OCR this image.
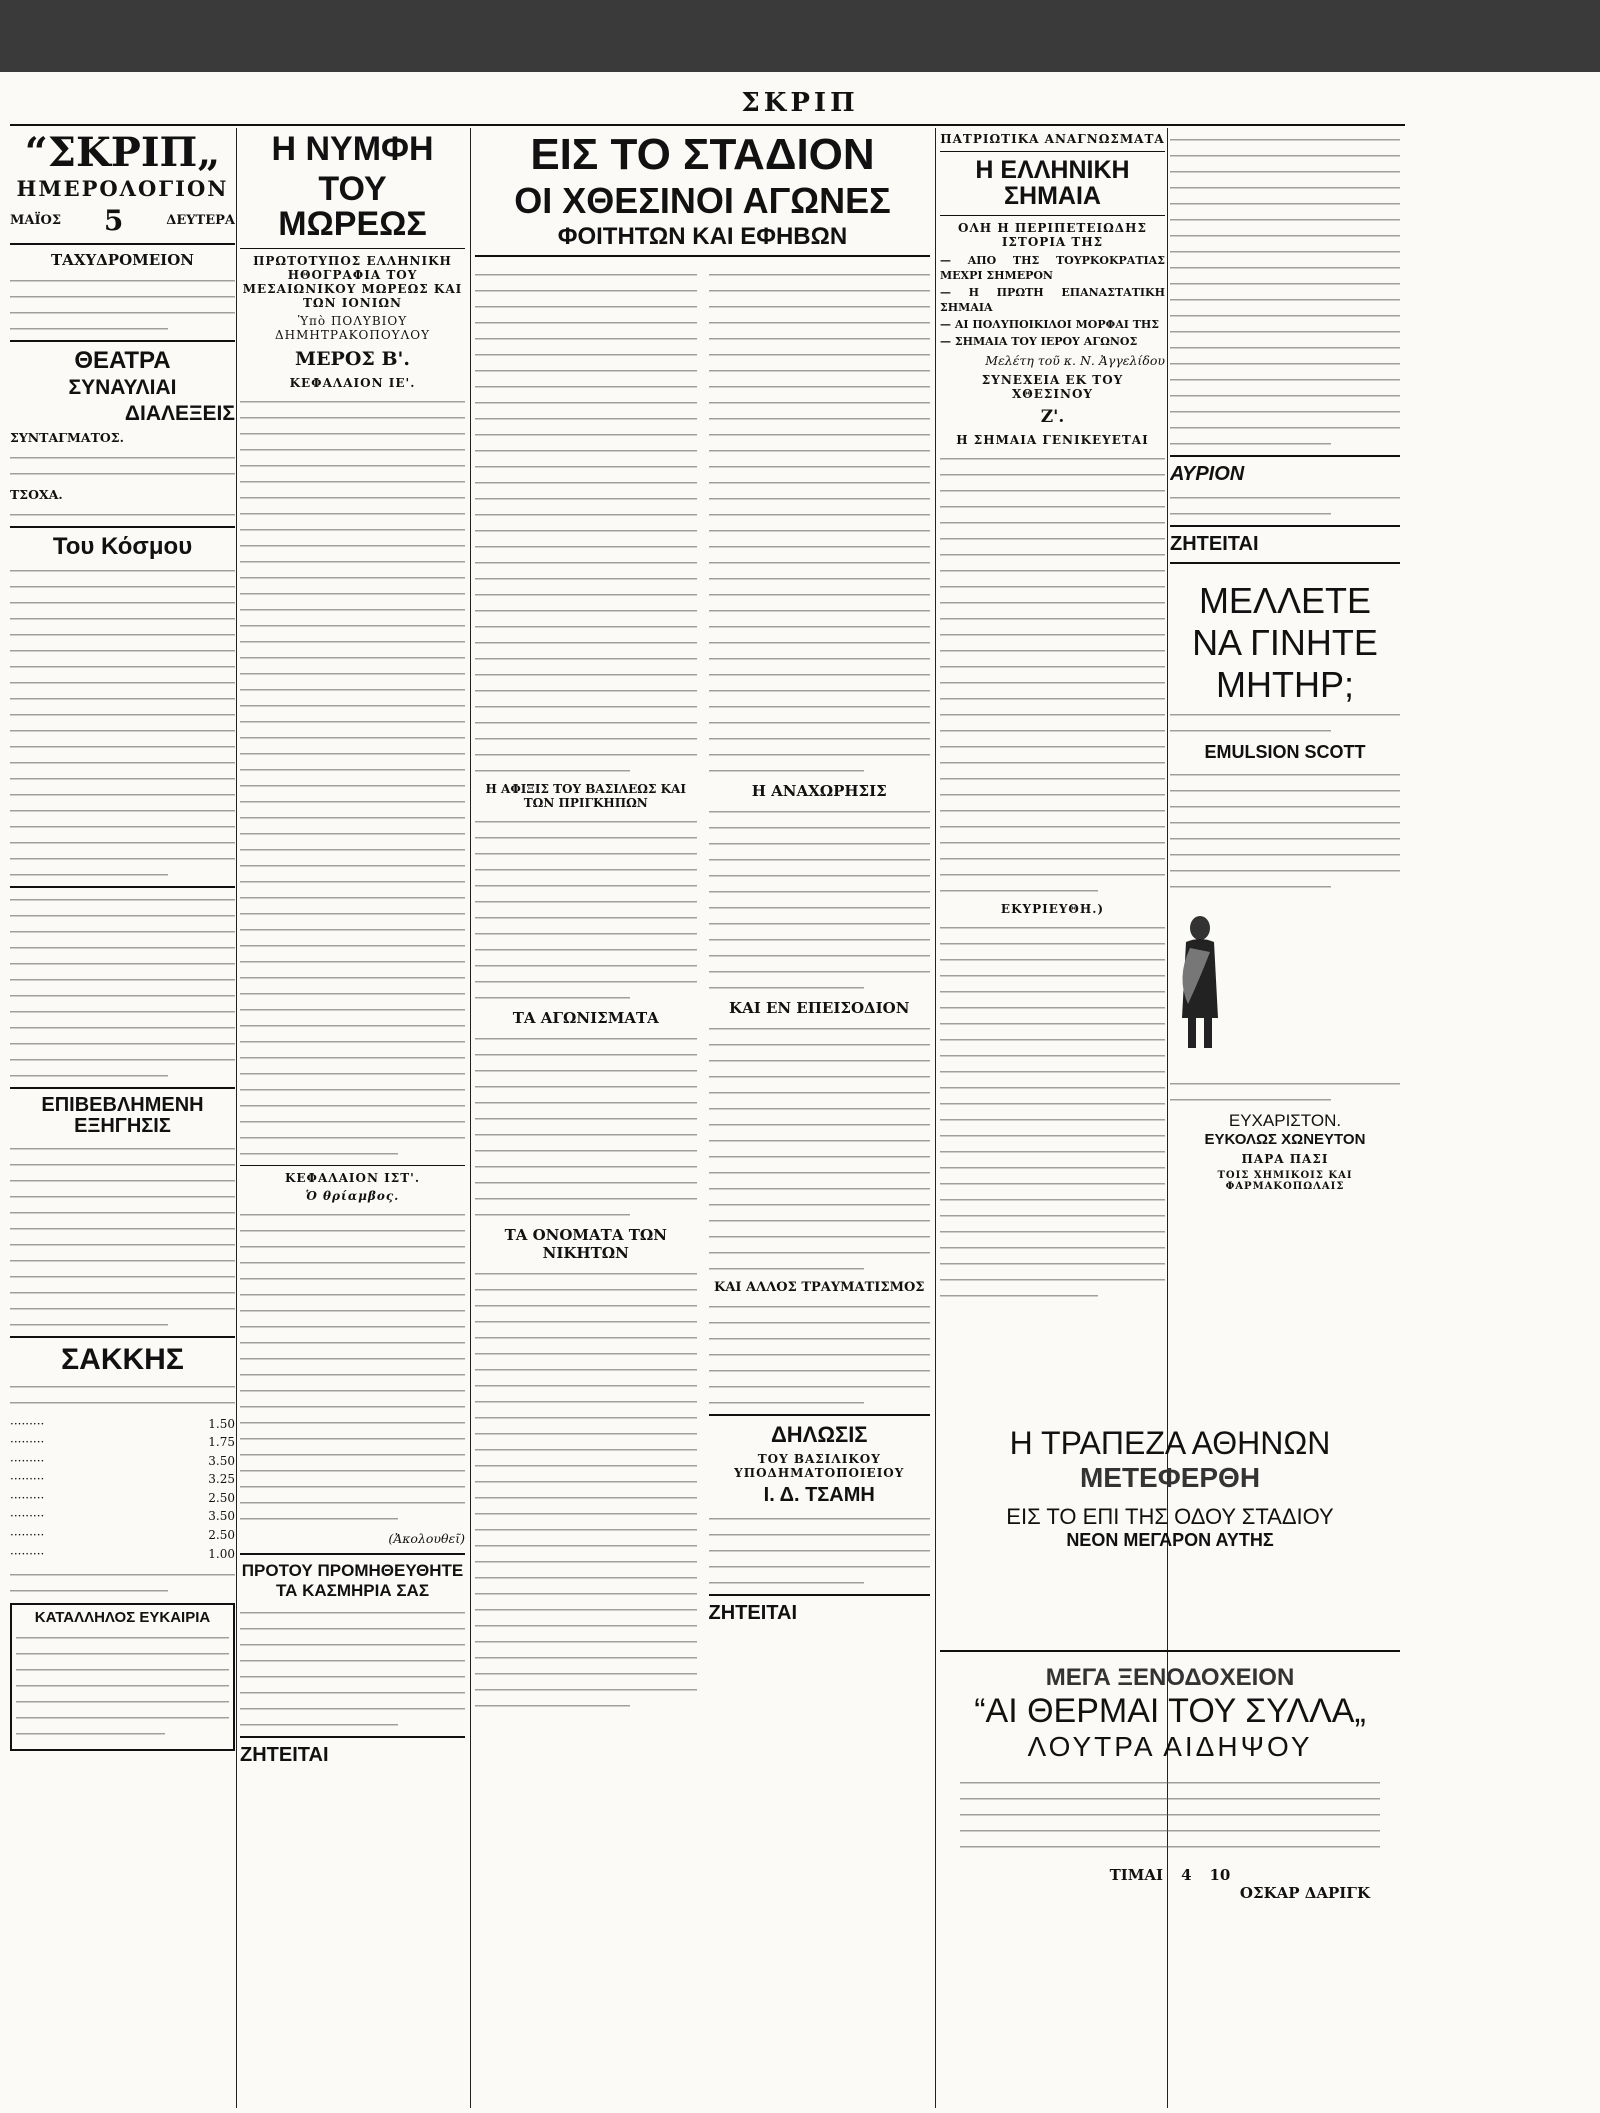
ΣΚΡΙΠ
“ΣΚΡΙΠ„
ΗΜΕΡΟΛΟΓΙΟΝ
ΜΑΪΟΣ 5	ΔΕΥΤΕΡΑ
ΤΑΧΥΔΡΟΜΕΙΟΝ
ΘΕΑΤΡΑ
ΣΥΝΑΥΛΙΑΙ
ΔΙΑΛΕΞΕΙΣ
ΣΥΝΤΑΓΜΑΤΟΣ.
ΤΣΟΧΑ.
Του Κόσμου
ΕΠΙΒΕΒΛΗΜΕΝΗ ΕΞΗΓΗΣΙΣ
ΣΑΚΚΗΣ
·········	1.50
·········	1.75
·········	3.50
·········	3.25
·········	2.50
·········	3.50
·········	2.50
·········	1.00
ΚΑΤΑΛΛΗΛΟΣ ΕΥΚΑΙΡΙΑ
Η ΝΥΜΦΗ
ΤΟΥ ΜΩΡΕΩΣ
ΠΡΩΤΟΤΥΠΟΣ ΕΛΛΗΝΙΚΗ ΗΘΟΓΡΑΦΙΑ ΤΟΥ ΜΕΣΑΙΩΝΙΚΟΥ ΜΩΡΕΩΣ ΚΑΙ ΤΩΝ ΙΟΝΙΩΝ
Ὑπὸ ΠΟΛΥΒΙΟΥ ΔΗΜΗΤΡΑΚΟΠΟΥΛΟΥ
ΜΕΡΟΣ Β'.
ΚΕΦΑΛΑΙΟΝ ΙΕ'.
ΚΕΦΑΛΑΙΟΝ ΙΣΤ'.
Ὁ θρίαμβος.
(Ἀκολουθεῖ)
ΠΡΟΤΟΥ ΠΡΟΜΗΘΕΥΘΗΤΕ ΤΑ ΚΑΣΜΗΡΙΑ ΣΑΣ
ΖΗΤΕΙΤΑΙ
ΕΙΣ ΤΟ ΣΤΑΔΙΟΝ
ΟΙ ΧΘΕΣΙΝΟΙ ΑΓΩΝΕΣ
ΦΟΙΤΗΤΩΝ ΚΑΙ ΕΦΗΒΩΝ
Η ΑΦΙΞΙΣ ΤΟΥ ΒΑΣΙΛΕΩΣ ΚΑΙ ΤΩΝ ΠΡΙΓΚΗΠΩΝ
ΤΑ ΑΓΩΝΙΣΜΑΤΑ
ΤΑ ΟΝΟΜΑΤΑ ΤΩΝ ΝΙΚΗΤΩΝ
Η ΑΝΑΧΩΡΗΣΙΣ
ΚΑΙ ΕΝ ΕΠΕΙΣΟΔΙΟΝ
ΚΑΙ ΑΛΛΟΣ ΤΡΑΥΜΑΤΙΣΜΟΣ
ΔΗΛΩΣΙΣ
ΤΟΥ ΒΑΣΙΛΙΚΟΥ ΥΠΟΔΗΜΑΤΟΠΟΙΕΙΟΥ
Ι. Δ. ΤΣΑΜΗ
ΖΗΤΕΙΤΑΙ
ΠΑΤΡΙΩΤΙΚΑ ΑΝΑΓΝΩΣΜΑΤΑ
Η ΕΛΛΗΝΙΚΗ ΣΗΜΑΙΑ
ΟΛΗ Η ΠΕΡΙΠΕΤΕΙΩΔΗΣ ΙΣΤΟΡΙΑ ΤΗΣ
— ΑΠΟ ΤΗΣ ΤΟΥΡΚΟΚΡΑΤΙΑΣ ΜΕΧΡΙ ΣΗΜΕΡΟΝ
— Η ΠΡΩΤΗ ΕΠΑΝΑΣΤΑΤΙΚΗ ΣΗΜΑΙΑ
— ΑΙ ΠΟΛΥΠΟΙΚΙΛΟΙ ΜΟΡΦΑΙ ΤΗΣ
— ΣΗΜΑΙΑ ΤΟΥ ΙΕΡΟΥ ΑΓΩΝΟΣ
Μελέτη τοῦ κ. Ν. Ἀγγελίδου
ΣΥΝΕΧΕΙΑ ΕΚ ΤΟΥ ΧΘΕΣΙΝΟΥ
Ζ'.
Η ΣΗΜΑΙΑ ΓΕΝΙΚΕΥΕΤΑΙ
ΕΚΥΡΙΕΥΘΗ.)
ΑΥΡΙΟΝ
ΖΗΤΕΙΤΑΙ
ΜΕΛΛΕΤΕ
ΝΑ ΓΙΝΗΤΕ
ΜΗΤΗΡ;
EMULSION SCOTT
ΕΥΧΑΡΙΣΤΟΝ.
ΕΥΚΟΛΩΣ ΧΩΝΕΥΤΟΝ
ΠΑΡΑ ΠΑΣΙ
ΤΟΙΣ ΧΗΜΙΚΟΙΣ ΚΑΙ ΦΑΡΜΑΚΟΠΩΛΑΙΣ
Η ΤΡΑΠΕΖΑ ΑΘΗΝΩΝ
ΜΕΤΕΦΕΡΘΗ
ΕΙΣ ΤΟ ΕΠΙ ΤΗΣ ΟΔΟΥ ΣΤΑΔΙΟΥ
ΝΕΟΝ ΜΕΓΑΡΟΝ ΑΥΤΗΣ
ΜΕΓΑ ΞΕΝΟΔΟΧΕΙΟΝ
“ΑΙ ΘΕΡΜΑΙ ΤΟΥ ΣΥΛΛΑ„
ΛΟΥΤΡΑ ΑΙΔΗΨΟΥ
ΤΙΜΑΙ 4 10
ΟΣΚΑΡ ΔΑΡΙΓΚ
